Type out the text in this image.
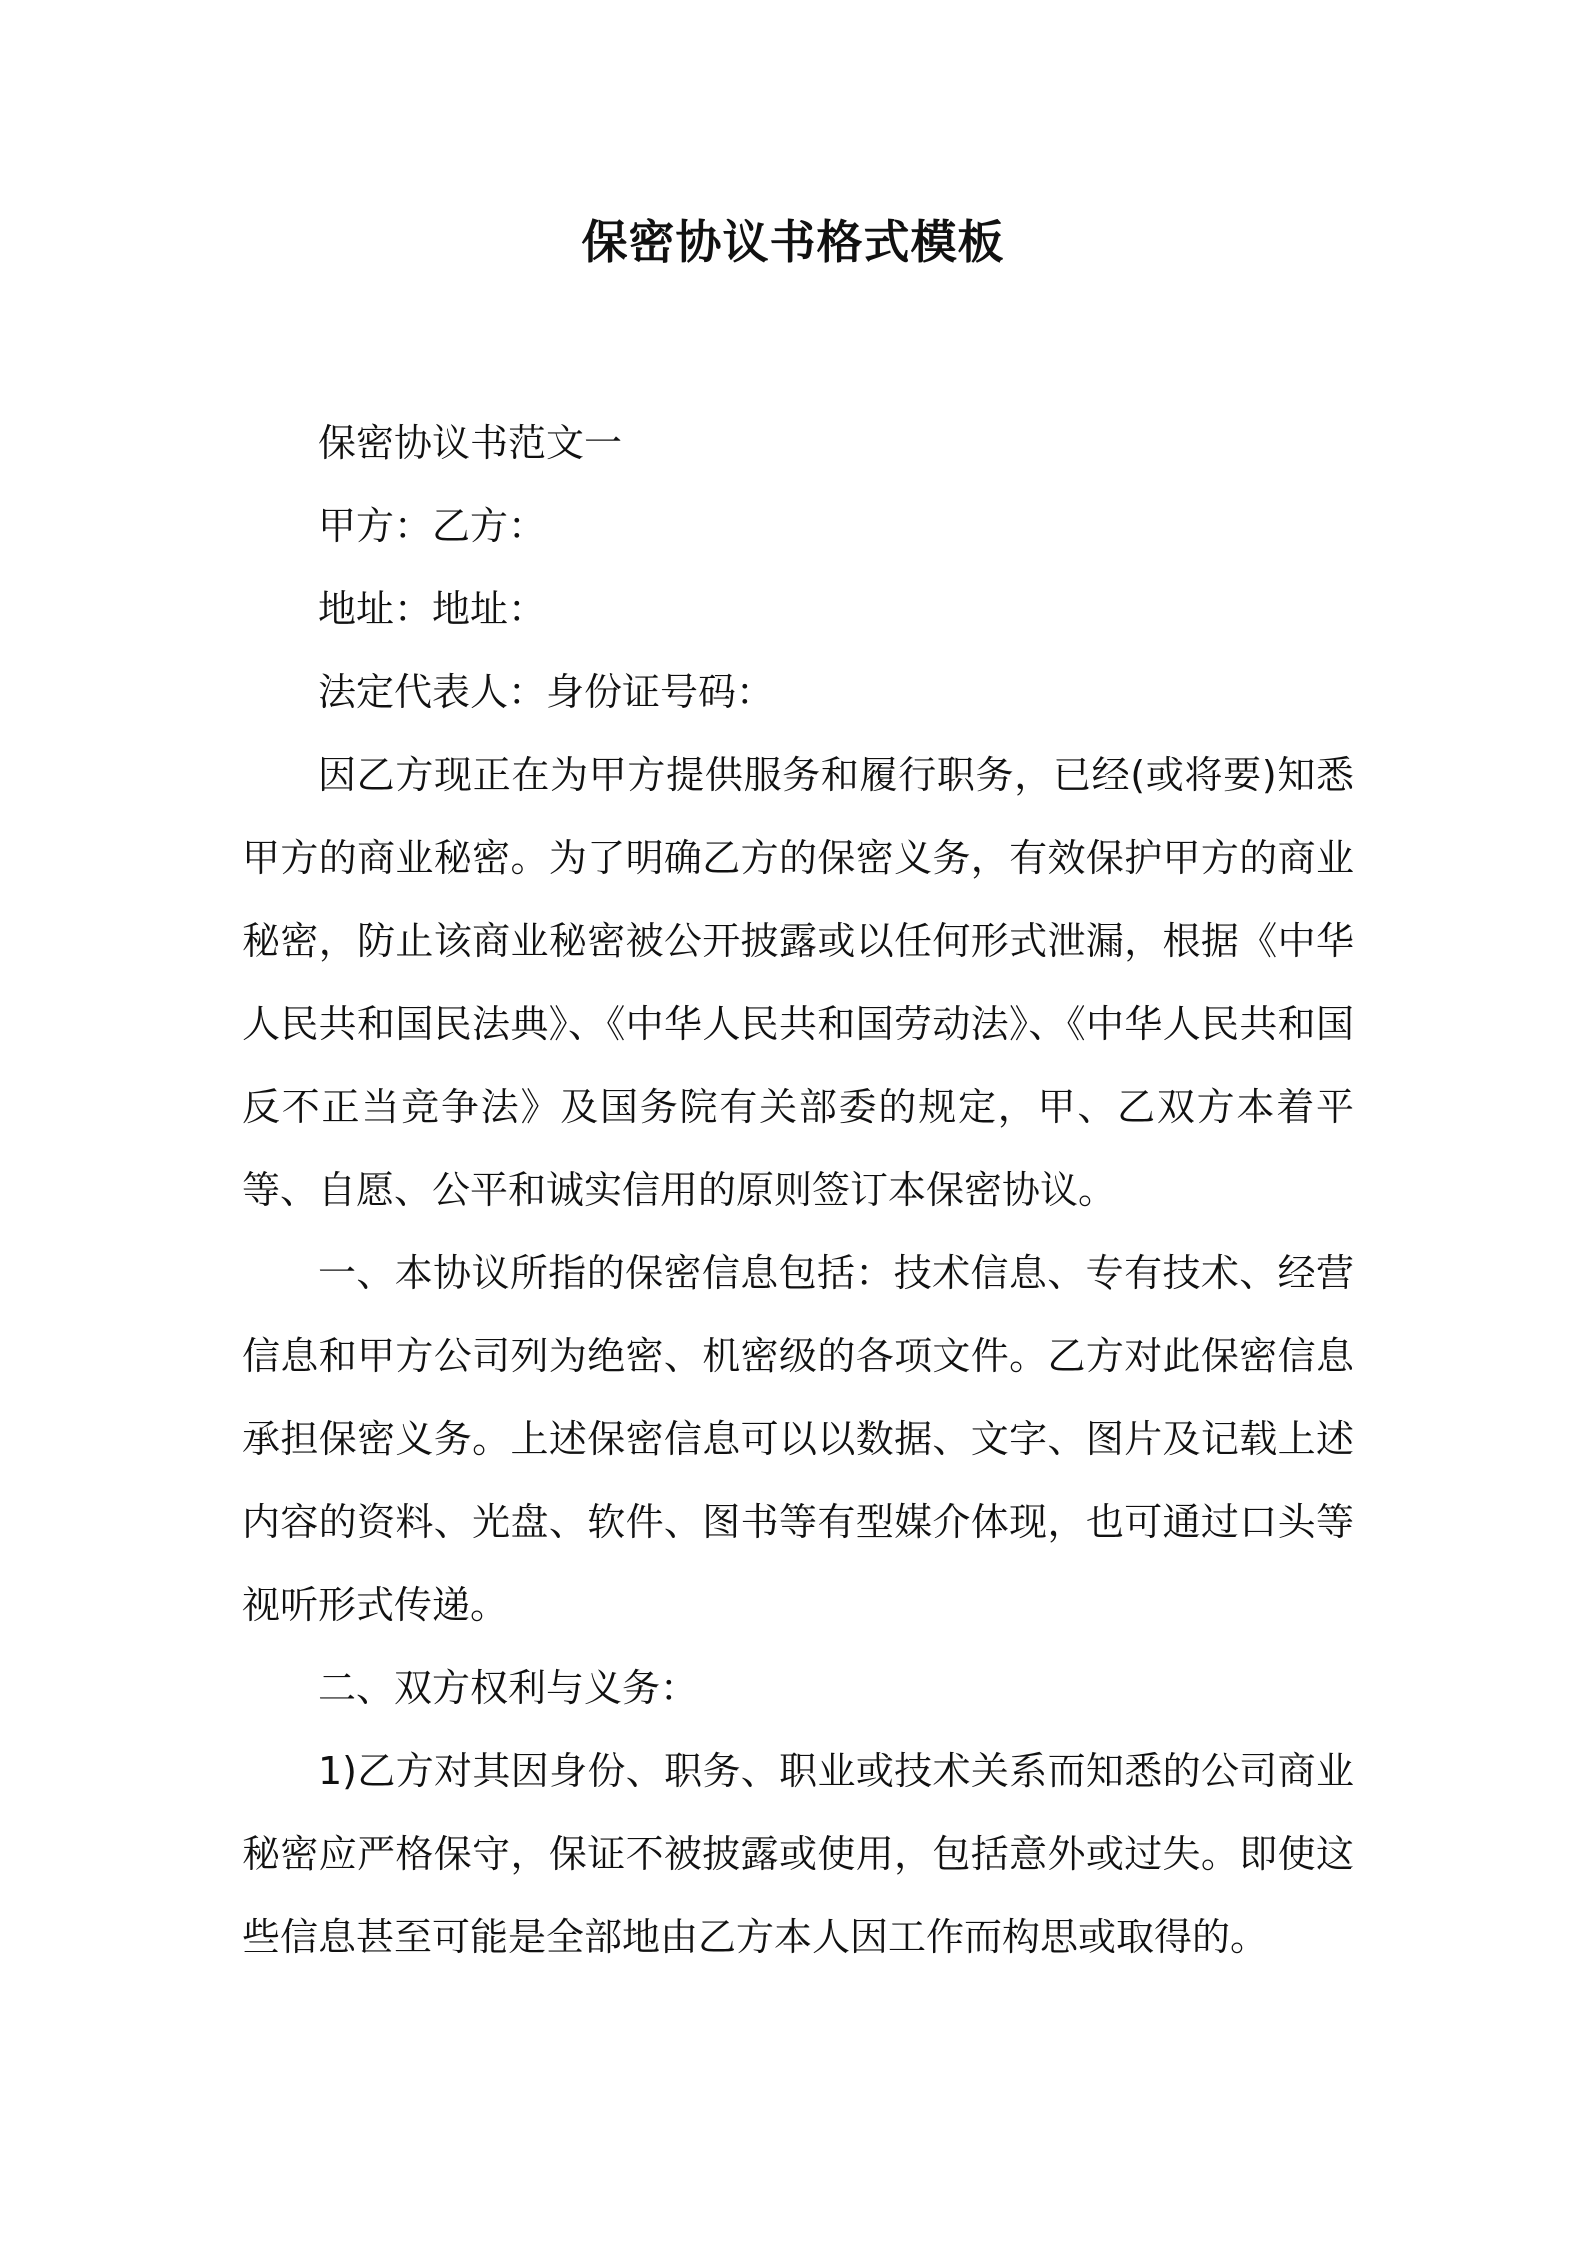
保密协议书格式模板

保密协议书范文一

甲方：乙方：

地址：地址：

法定代表人：身份证号码：

因乙方现正在为甲方提供服务和履行职务，已经(或将要)知悉甲方的商业秘密。为了明确乙方的保密义务，有效保护甲方的商业秘密，防止该商业秘密被公开披露或以任何形式泄漏，根据《中华人民共和国民法典》、《中华人民共和国劳动法》、《中华人民共和国反不正当竞争法》及国务院有关部委的规定，甲、乙双方本着平等、自愿、公平和诚实信用的原则签订本保密协议。

一、本协议所指的保密信息包括：技术信息、专有技术、经营信息和甲方公司列为绝密、机密级的各项文件。乙方对此保密信息承担保密义务。上述保密信息可以以数据、文字、图片及记载上述内容的资料、光盘、软件、图书等有型媒介体现，也可通过口头等视听形式传递。

二、双方权利与义务：

1)乙方对其因身份、职务、职业或技术关系而知悉的公司商业秘密应严格保守，保证不被披露或使用，包括意外或过失。即使这些信息甚至可能是全部地由乙方本人因工作而构思或取得的。
